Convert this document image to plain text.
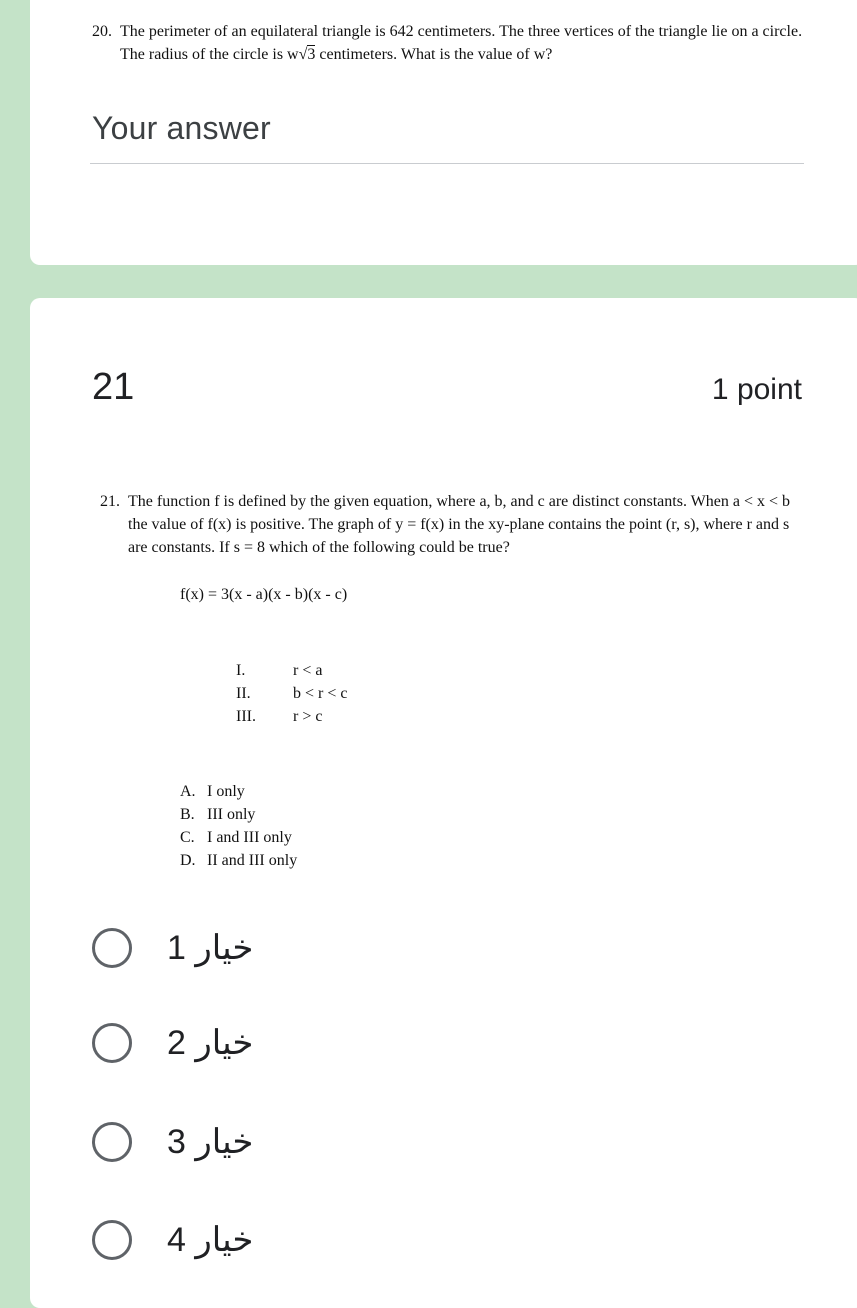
20. The perimeter of an equilateral triangle is 642 centimeters. The three vertices of the triangle lie on a circle. The radius of the circle is w√3 centimeters. What is the value of w?
Your answer
21	1 point
21. The function f is defined by the given equation, where a, b, and c are distinct constants. When a < x < b the value of f(x) is positive. The graph of y = f(x) in the xy-plane contains the point (r, s), where r and s are constants. If s = 8 which of the following could be true?
f(x) = 3(x - a)(x - b)(x - c)
I.	r < a
II.	b < r < c
III. r > c
A. I only
B. III only
C. I and III only
D. II and III only
خيار 1
خيار 2
خيار 3
خيار 4
